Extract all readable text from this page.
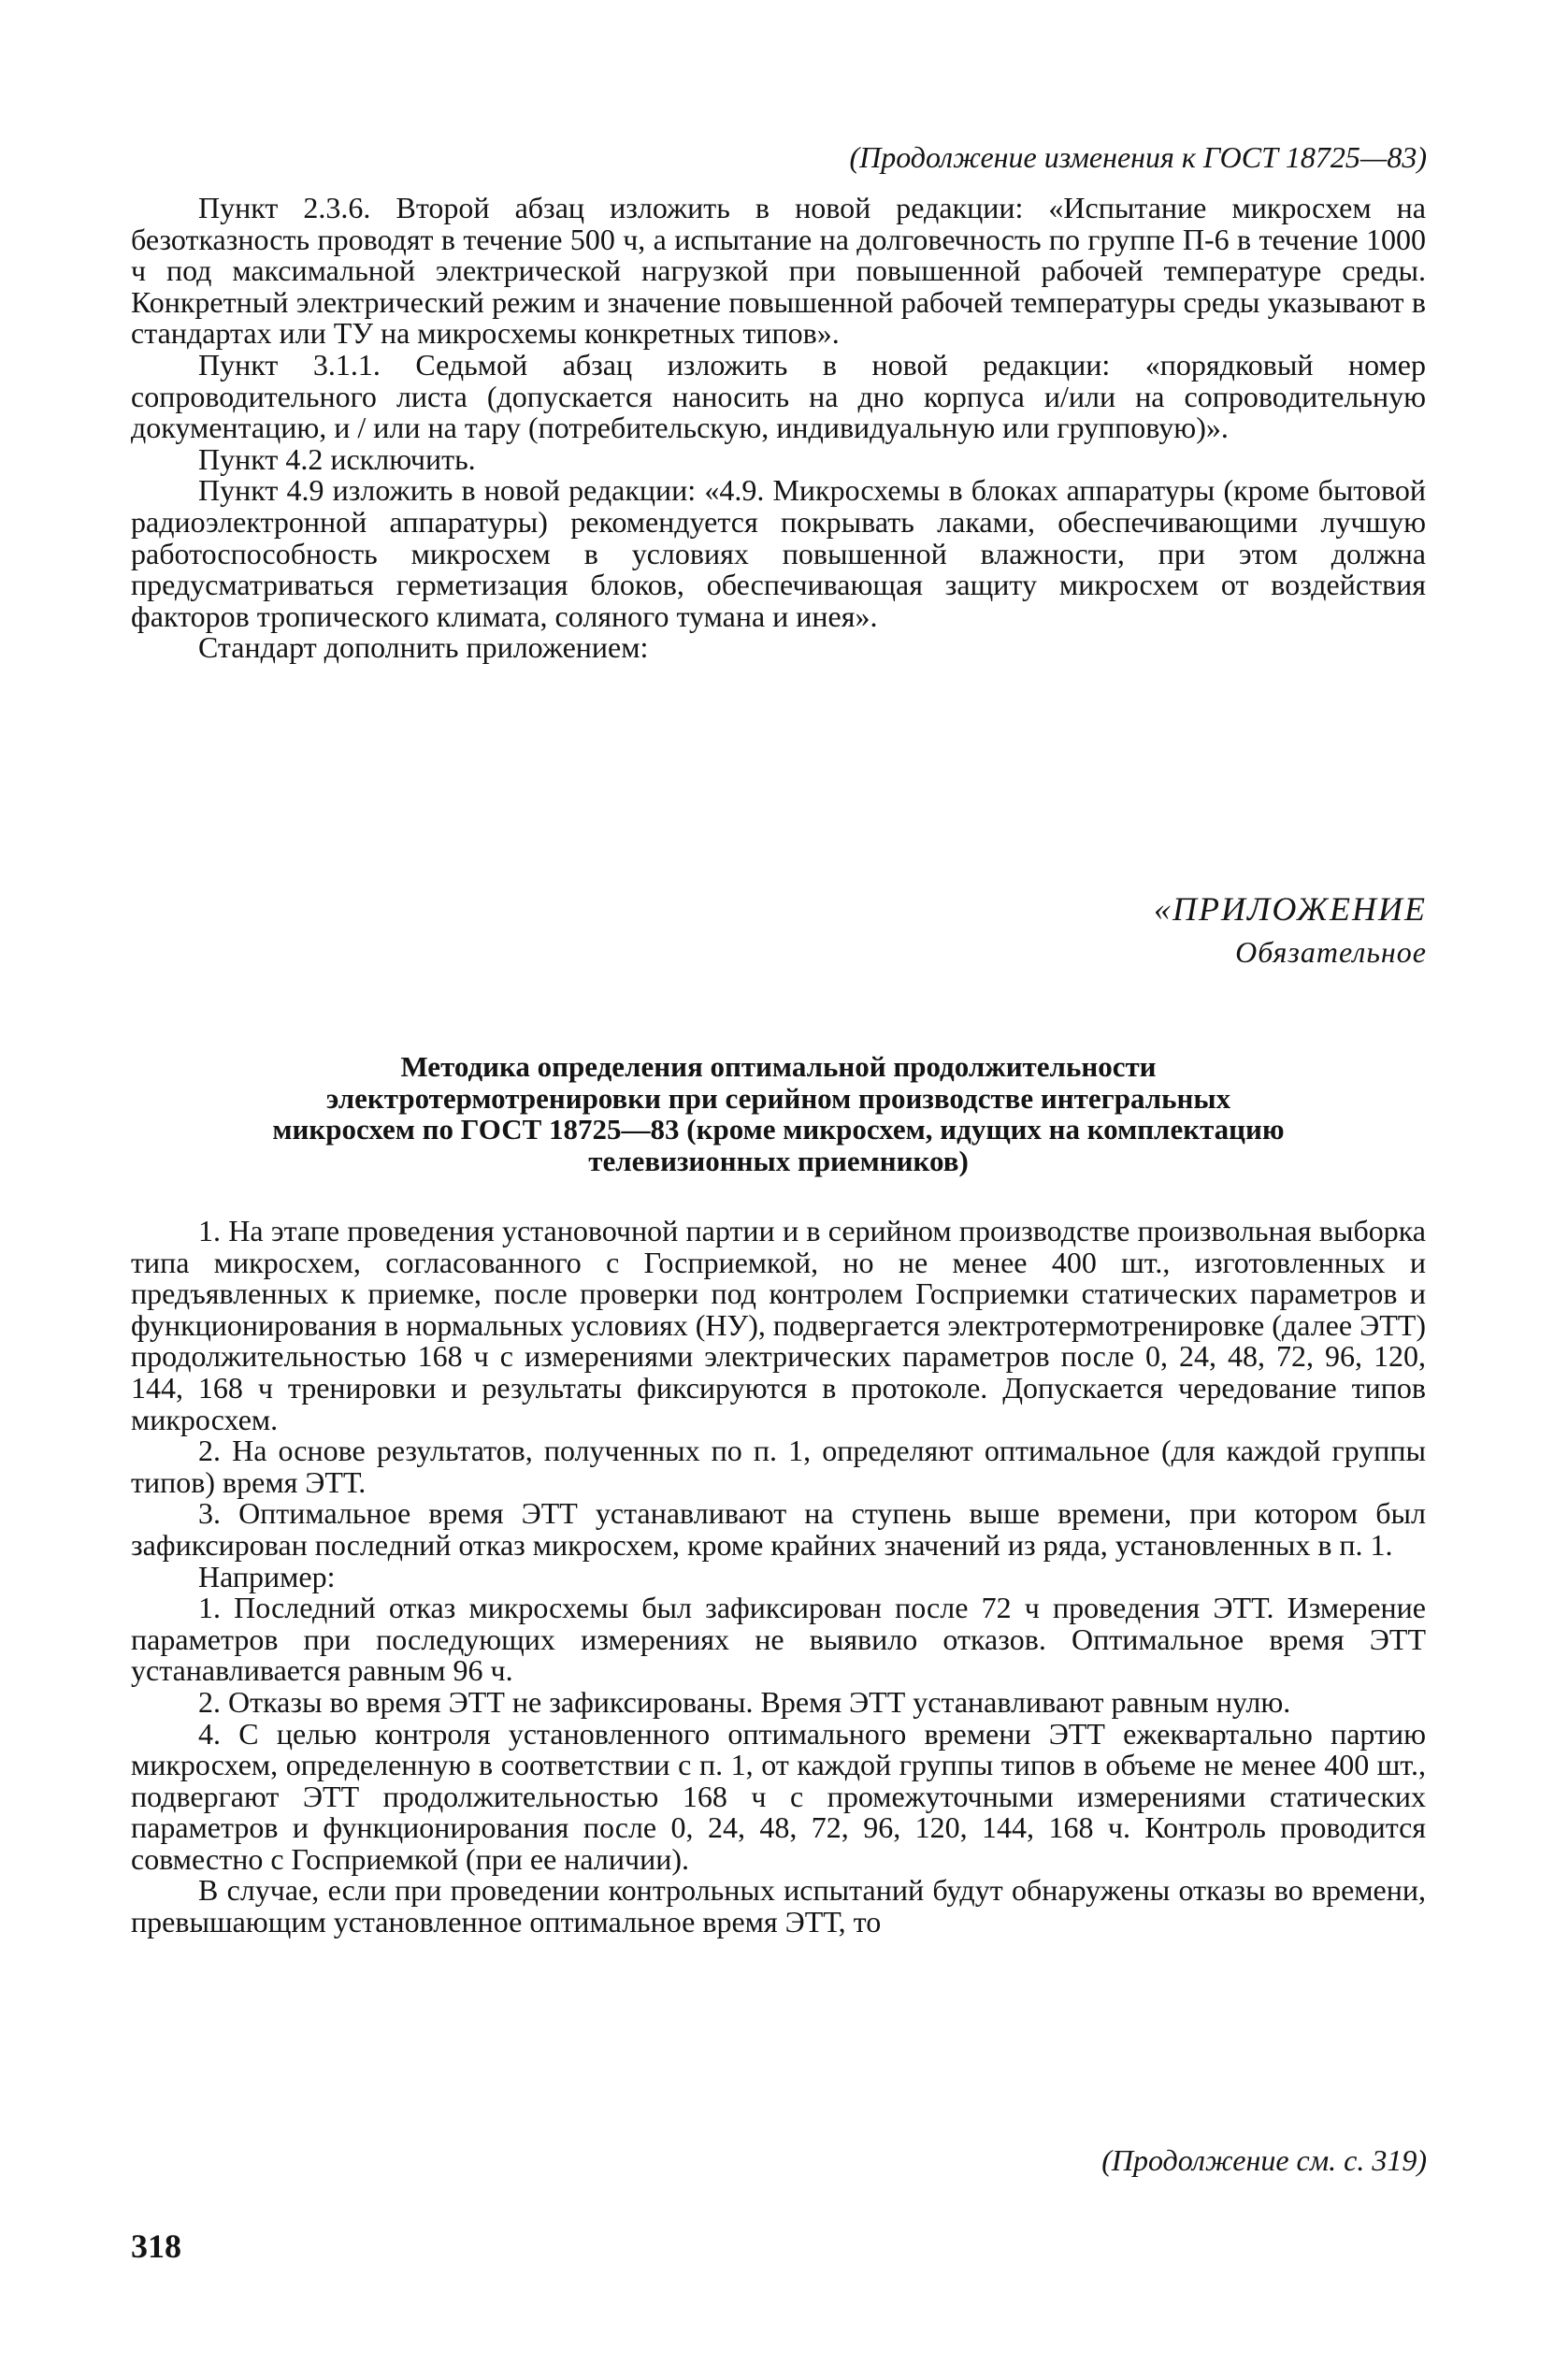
(Продолжение изменения к ГОСТ 18725—83)

Пункт 2.3.6. Второй абзац изложить в новой редакции: «Испытание микросхем на безотказность проводят в течение 500 ч, а испытание на долговечность по группе П-6 в течение 1000 ч под максимальной электрической нагрузкой при повышенной рабочей температуре среды. Конкретный электрический режим и значение повышенной рабочей температуры среды указывают в стандартах или ТУ на микросхемы конкретных типов».

Пункт 3.1.1. Седьмой абзац изложить в новой редакции: «порядковый номер сопроводительного листа (допускается наносить на дно корпуса и/или на сопроводительную документацию, и / или на тару (потребительскую, индивидуальную или групповую)».

Пункт 4.2 исключить.

Пункт 4.9 изложить в новой редакции: «4.9. Микросхемы в блоках аппаратуры (кроме бытовой радиоэлектронной аппаратуры) рекомендуется покрывать лаками, обеспечивающими лучшую работоспособность микросхем в условиях повышенной влажности, при этом должна предусматриваться герметизация блоков, обеспечивающая защиту микросхем от воздействия факторов тропического климата, соляного тумана и инея».

Стандарт дополнить приложением:

«ПРИЛОЖЕНИЕ
Обязательное
Методика определения оптимальной продолжительности
электротермотренировки при серийном производстве интегральных
микросхем по ГОСТ 18725—83 (кроме микросхем, идущих на комплектацию
телевизионных приемников)

1. На этапе проведения установочной партии и в серийном производстве произвольная выборка типа микросхем, согласованного с Госприемкой, но не менее 400 шт., изготовленных и предъявленных к приемке, после проверки под контролем Госприемки статических параметров и функционирования в нормальных условиях (НУ), подвергается электротермотренировке (далее ЭТТ) продолжительностью 168 ч с измерениями электрических параметров после 0, 24, 48, 72, 96, 120, 144, 168 ч тренировки и результаты фиксируются в протоколе. Допускается чередование типов микросхем.

2. На основе результатов, полученных по п. 1, определяют оптимальное (для каждой группы типов) время ЭТТ.

3. Оптимальное время ЭТТ устанавливают на ступень выше времени, при котором был зафиксирован последний отказ микросхем, кроме крайних значений из ряда, установленных в п. 1.

Например:

1. Последний отказ микросхемы был зафиксирован после 72 ч проведения ЭТТ. Измерение параметров при последующих измерениях не выявило отказов. Оптимальное время ЭТТ устанавливается равным 96 ч.

2. Отказы во время ЭТТ не зафиксированы. Время ЭТТ устанавливают равным нулю.

4. С целью контроля установленного оптимального времени ЭТТ ежеквартально партию микросхем, определенную в соответствии с п. 1, от каждой группы типов в объеме не менее 400 шт., подвергают ЭТТ продолжительностью 168 ч с промежуточными измерениями статических параметров и функционирования после 0, 24, 48, 72, 96, 120, 144, 168 ч. Контроль проводится совместно с Госприемкой (при ее наличии).

В случае, если при проведении контрольных испытаний будут обнаружены отказы во времени, превышающим установленное оптимальное время ЭТТ, то

(Продолжение см. с. 319)
318
